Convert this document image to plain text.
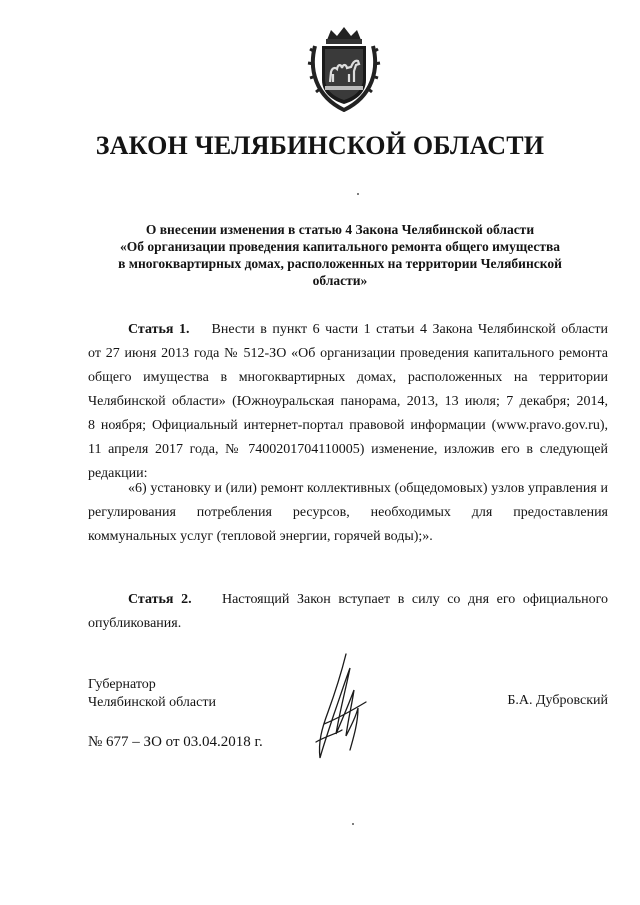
ЗАКОН ЧЕЛЯБИНСКОЙ ОБЛАСТИ
О внесении изменения в статью 4 Закона Челябинской области
«Об организации проведения капитального ремонта общего имущества
в многоквартирных домах, расположенных на территории Челябинской
области»
Статья 1. Внести в пункт 6 части 1 статьи 4 Закона Челябинской области
от 27 июня 2013 года № 512-ЗО «Об организации проведения капитального ремонта
общего имущества в многоквартирных домах, расположенных на территории
Челябинской области» (Южноуральская панорама, 2013, 13 июля; 7 декабря; 2014,
8 ноября; Официальный интернет-портал правовой информации (www.pravo.gov.ru),
11 апреля 2017 года, № 7400201704110005) изменение, изложив его в следующей
редакции:
«6) установку и (или) ремонт коллективных (общедомовых) узлов управления и
регулирования потребления ресурсов, необходимых для предоставления
коммунальных услуг (тепловой энергии, горячей воды);».
Статья 2. Настоящий Закон вступает в силу со дня его официального
опубликования.
Губернатор
Челябинской области	Б.А. Дубровский
№ 677 – ЗО от 03.04.2018 г.
